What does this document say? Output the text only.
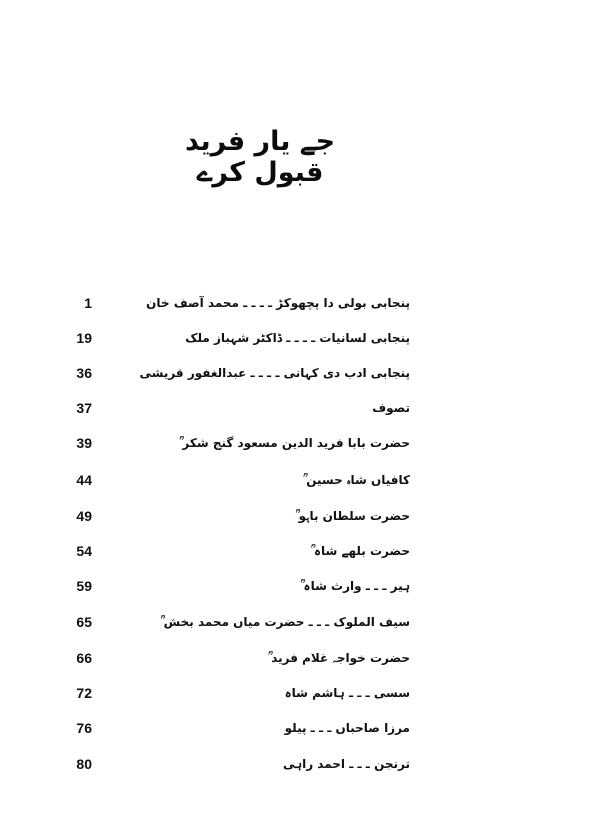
جے یار فرید قبول کرے
1	پنجابی بولی دا پچھوکڑ ـ ـ ـ ـ محمد آصف خان
19	پنجابی لسانیات ـ ـ ـ ـ ڈاکٹر شہباز ملک
36	پنجابی ادب دی کہانی ـ ـ ـ ـ عبدالغفور قریشی
37	تصوف
39	حضرت بابا فرید الدین مسعود گنج شکر ؒ
44	کافیاں شاہ حسین ؒ
49	حضرت سلطان باہو ؒ
54	حضرت بلھے شاہ ؒ
59	ہیر ـ ـ ـ وارث شاہ ؒ
65	سیف الملوک ـ ـ ـ حضرت میاں محمد بخش ؒ
66	حضرت خواجہ غلام فرید ؒ
72	سسی ـ ـ ـ ہاشم شاہ
76	مرزا صاحباں ـ ـ ـ پیلو
80	ترنجن ـ ـ ـ احمد راہی
